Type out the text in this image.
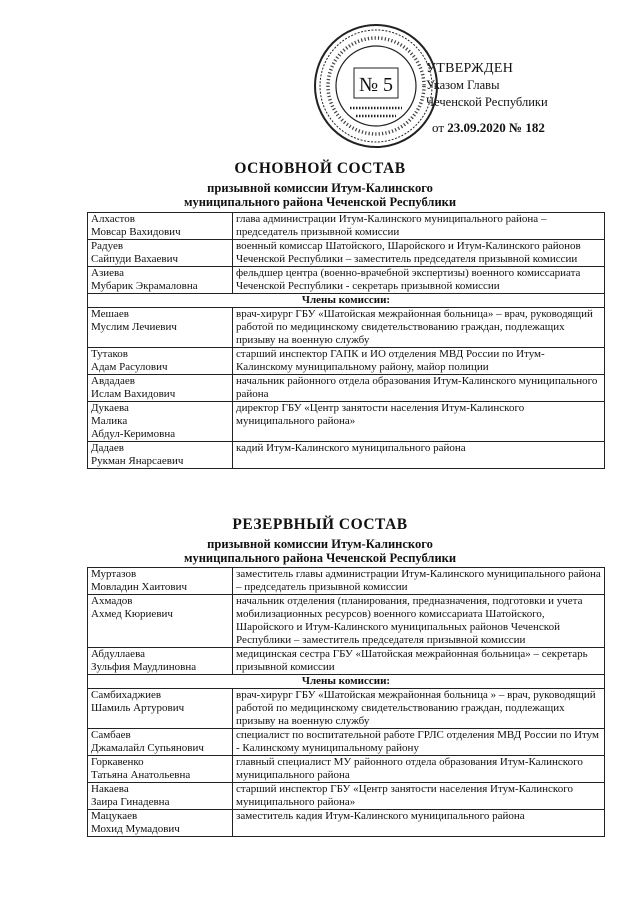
№ 5
УТВЕРЖДЕН
Указом Главы
Чеченской Республики
от 23.09.2020 № 182
ОСНОВНОЙ СОСТАВ
призывной комиссии Итум-Калинского
муниципального района Чеченской Республики
Алхастов
Мовсар Вахидович	глава администрации Итум-Калинского муниципального района – председатель призывной комиссии

Радуев
Сайпуди Вахаевич	военный комиссар Шатойского, Шаройского и Итум-Калинского районов Чеченской Республики – заместитель председателя призывной комиссии

Азиева
Мубарик Экрамаловна	фельдшер центра (военно-врачебной экспертизы) военного комиссариата Чеченской Республики - секретарь призывной комиссии
Члены комиссии:	

Мешаев
Муслим Лечиевич	врач-хирург ГБУ «Шатойская межрайонная больница» – врач, руководящий работой по медицинскому свидетельствованию граждан, подлежащих призыву на военную службу

Тутаков
Адам Расулович	старший инспектор ГАПК и ИО отделения МВД России по Итум-Калинскому муниципальному району, майор полиции

Авдадаев
Ислам Вахидович	начальник районного отдела образования Итум-Калинского муниципального района

Дукаева
Малика
Абдул-Керимовна	директор ГБУ «Центр занятости населения Итум-Калинского муниципального района»

Дадаев
Рукман Янарсаевич	кадий Итум-Калинского муниципального района
РЕЗЕРВНЫЙ СОСТАВ
призывной комиссии Итум-Калинского
муниципального района Чеченской Республики
Муртазов
Мовладин Хаитович	заместитель главы администрации Итум-Калинского муниципального района – председатель призывной комиссии

Ахмадов
Ахмед Кюриевич	начальник отделения (планирования, предназначения, подготовки и учета мобилизационных ресурсов) военного комиссариата Шатойского, Шаройского и Итум-Калинского муниципальных районов Чеченской Республики – заместитель председателя призывной комиссии

Абдуллаева
Зульфия Маудлиновна	медицинская сестра ГБУ «Шатойская межрайонная больница» – секретарь призывной комиссии
Члены комиссии:	

Самбихаджиев
Шамиль Артурович	врач-хирург ГБУ «Шатойская межрайонная больница » – врач, руководящий работой по медицинскому свидетельствованию граждан, подлежащих призыву на военную службу

Самбаев
Джамалайл Супьянович	специалист по воспитательной работе ГРЛС отделения МВД России по Итум - Калинскому муниципальному району

Горкавенко
Татьяна Анатольевна	главный специалист МУ районного отдела образования Итум-Калинского муниципального района

Накаева
Заира Гинадевна	старший инспектор ГБУ «Центр занятости населения Итум-Калинского муниципального района»

Мацукаев
Мохид Мумадович	заместитель кадия Итум-Калинского муниципального района
